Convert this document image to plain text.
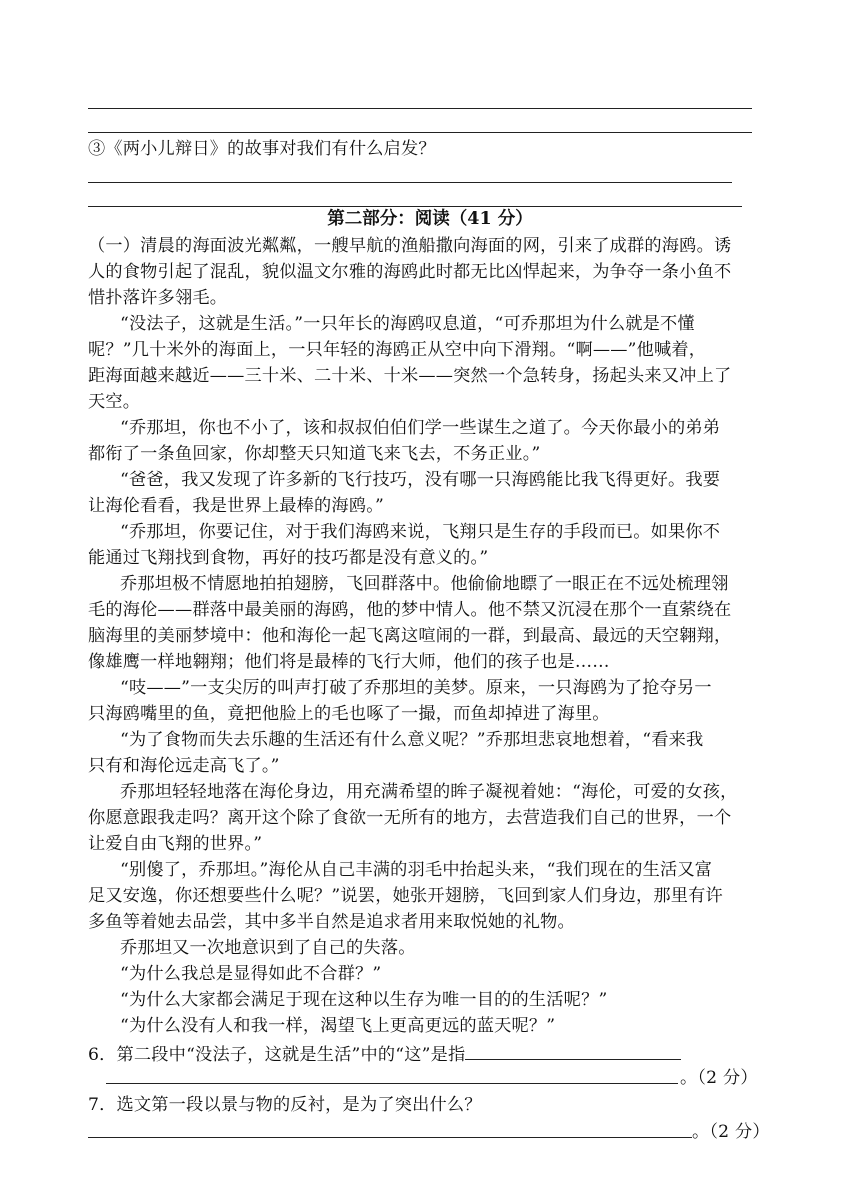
③《两小儿辩日》的故事对我们有什么启发？
第二部分：阅读（41 分）
（一）清晨的海面波光粼粼，一艘早航的渔船撒向海面的网，引来了成群的海鸥。诱
人的食物引起了混乱，貌似温文尔雅的海鸥此时都无比凶悍起来，为争夺一条小鱼不
惜扑落许多翎毛。
“没法子，这就是生活。”一只年长的海鸥叹息道，“可乔那坦为什么就是不懂
呢？”几十米外的海面上，一只年轻的海鸥正从空中向下滑翔。“啊——”他喊着，
距海面越来越近——三十米、二十米、十米——突然一个急转身，扬起头来又冲上了
天空。
“乔那坦，你也不小了，该和叔叔伯伯们学一些谋生之道了。今天你最小的弟弟
都衔了一条鱼回家，你却整天只知道飞来飞去，不务正业。”
“爸爸，我又发现了许多新的飞行技巧，没有哪一只海鸥能比我飞得更好。我要
让海伦看看，我是世界上最棒的海鸥。”
“乔那坦，你要记住，对于我们海鸥来说，飞翔只是生存的手段而已。如果你不
能通过飞翔找到食物，再好的技巧都是没有意义的。”
乔那坦极不情愿地拍拍翅膀，飞回群落中。他偷偷地瞟了一眼正在不远处梳理翎
毛的海伦——群落中最美丽的海鸥，他的梦中情人。他不禁又沉浸在那个一直萦绕在
脑海里的美丽梦境中：他和海伦一起飞离这喧闹的一群，到最高、最远的天空翱翔，
像雄鹰一样地翱翔；他们将是最棒的飞行大师，他们的孩子也是……
“吱——”一支尖厉的叫声打破了乔那坦的美梦。原来，一只海鸥为了抢夺另一
只海鸥嘴里的鱼，竟把他脸上的毛也啄了一撮，而鱼却掉进了海里。
“为了食物而失去乐趣的生活还有什么意义呢？”乔那坦悲哀地想着，“看来我
只有和海伦远走高飞了。”
乔那坦轻轻地落在海伦身边，用充满希望的眸子凝视着她：“海伦，可爱的女孩，
你愿意跟我走吗？离开这个除了食欲一无所有的地方，去营造我们自己的世界，一个
让爱自由飞翔的世界。”
“别傻了，乔那坦。”海伦从自己丰满的羽毛中抬起头来，“我们现在的生活又富
足又安逸，你还想要些什么呢？”说罢，她张开翅膀，飞回到家人们身边，那里有许
多鱼等着她去品尝，其中多半自然是追求者用来取悦她的礼物。
乔那坦又一次地意识到了自己的失落。
“为什么我总是显得如此不合群？”
“为什么大家都会满足于现在这种以生存为唯一目的的生活呢？”
“为什么没有人和我一样，渴望飞上更高更远的蓝天呢？”
6．第二段中“没法子，这就是生活”中的“这”是指
。（2 分）
7．选文第一段以景与物的反衬，是为了突出什么？
。（2 分）
